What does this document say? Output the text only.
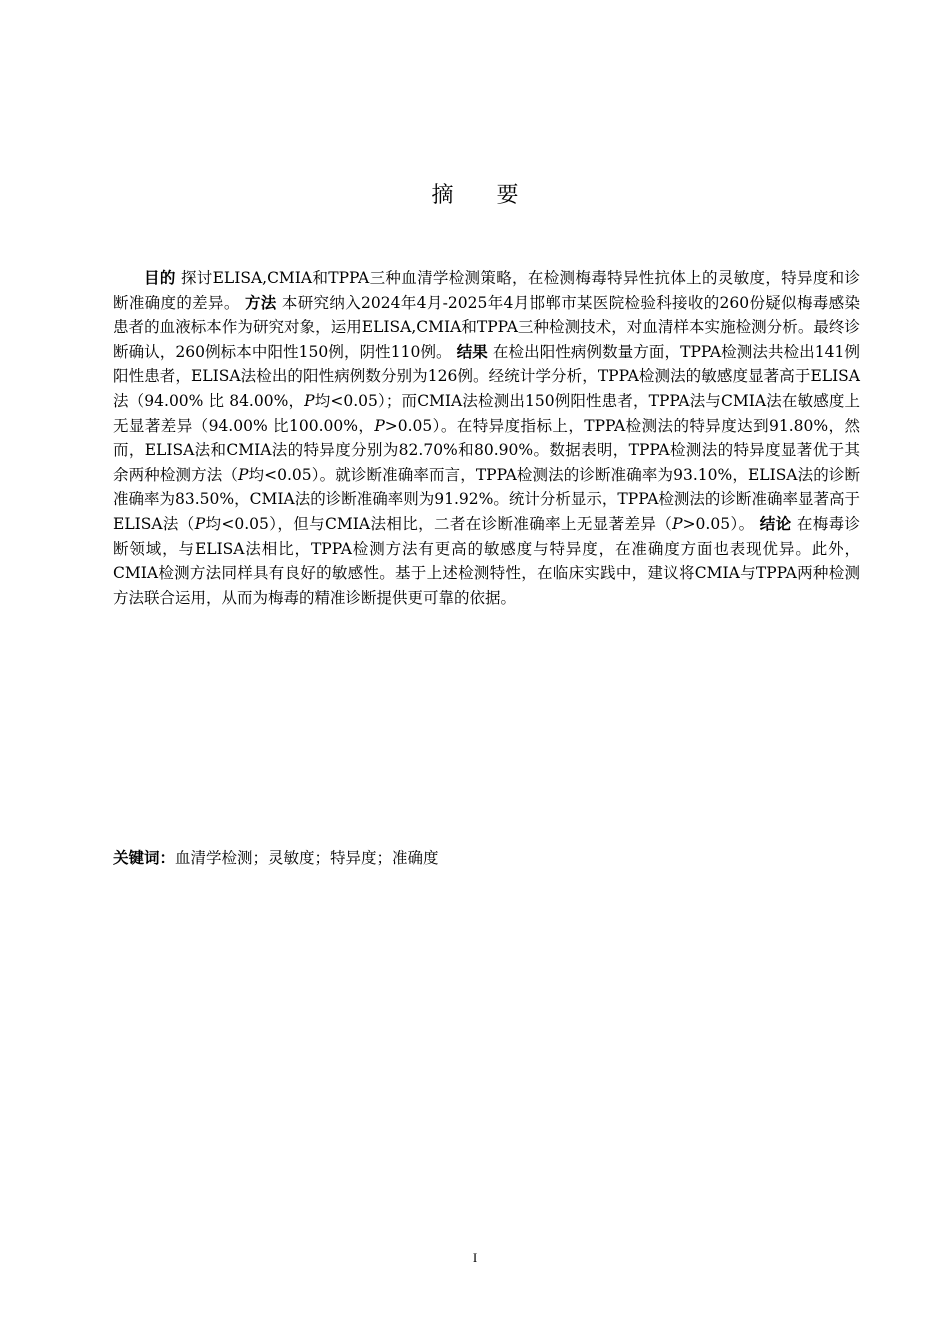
摘 要

目的 探讨ELISA,CMIA和TPPA三种血清学检测策略，在检测梅毒特异性抗体上的灵敏度，特异度和诊断准确度的差异。 方法 本研究纳入2024年4月-2025年4月邯郸市某医院检验科接收的260份疑似梅毒感染患者的血液标本作为研究对象，运用ELISA,CMIA和TPPA三种检测技术，对血清样本实施检测分析。最终诊断确认，260例标本中阳性150例，阴性110例。 结果 在检出阳性病例数量方面，TPPA检测法共检出141例阳性患者，ELISA法检出的阳性病例数分别为126例。经统计学分析，TPPA检测法的敏感度显著高于ELISA法（94.00% 比 84.00%，P均<0.05）；而CMIA法检测出150例阳性患者，TPPA法与CMIA法在敏感度上无显著差异（94.00% 比100.00%，P>0.05）。在特异度指标上，TPPA检测法的特异度达到91.80%，然而，ELISA法和CMIA法的特异度分别为82.70%和80.90%。数据表明，TPPA检测法的特异度显著优于其余两种检测方法（P均<0.05）。就诊断准确率而言，TPPA检测法的诊断准确率为93.10%，ELISA法的诊断准确率为83.50%，CMIA法的诊断准确率则为91.92%。统计分析显示，TPPA检测法的诊断准确率显著高于ELISA法（P均<0.05），但与CMIA法相比，二者在诊断准确率上无显著差异（P>0.05）。 结论 在梅毒诊断领域，与ELISA法相比，TPPA检测方法有更高的敏感度与特异度，在准确度方面也表现优异。此外，CMIA检测方法同样具有良好的敏感性。基于上述检测特性，在临床实践中，建议将CMIA与TPPA两种检测方法联合运用，从而为梅毒的精准诊断提供更可靠的依据。

关键词：血清学检测；灵敏度；特异度；准确度
I
